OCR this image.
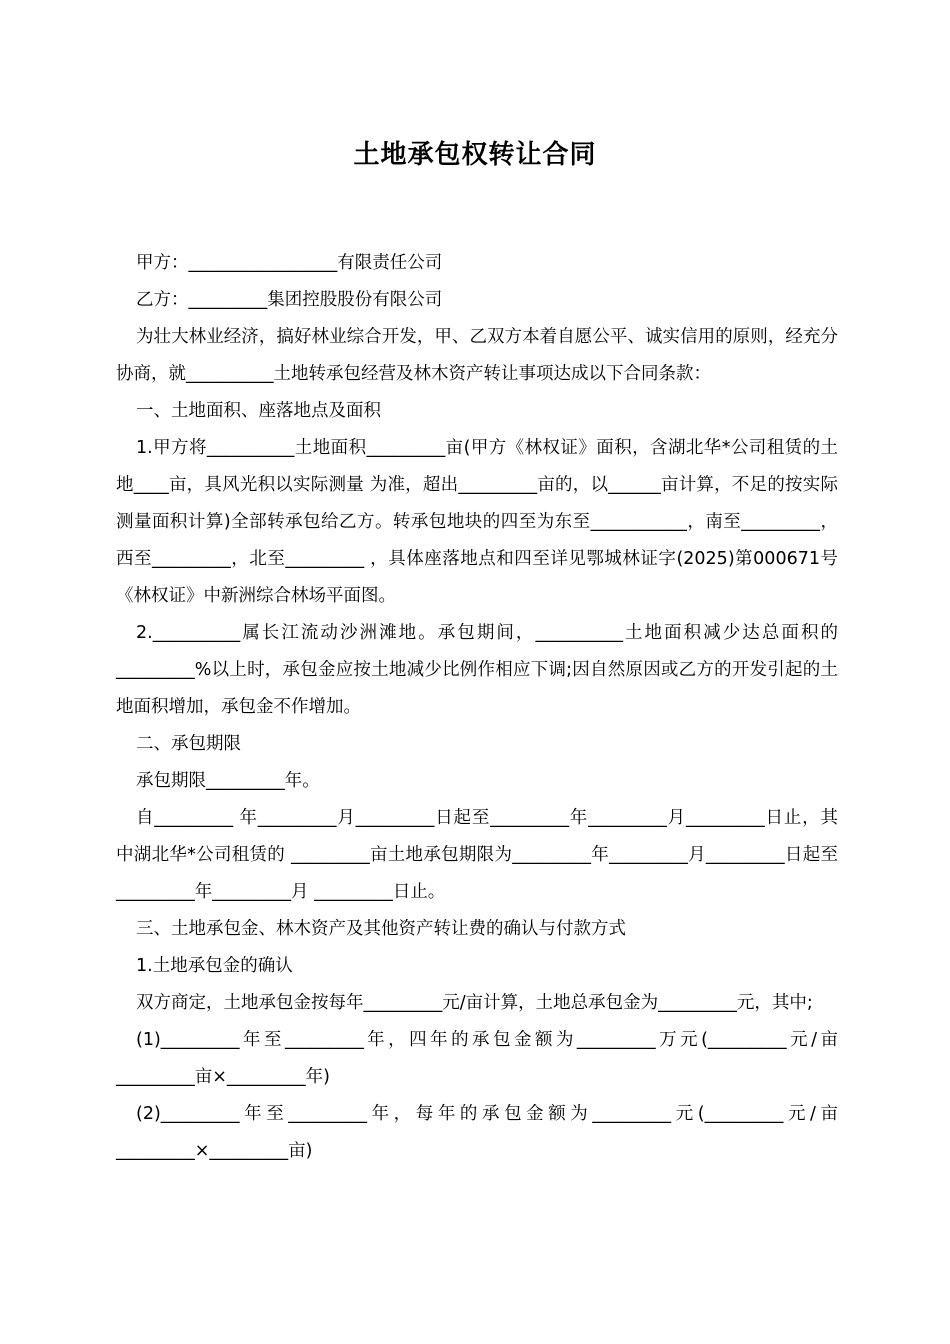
土地承包权转让合同

甲方：_________________有限责任公司

乙方：_________集团控股股份有限公司

为壮大林业经济，搞好林业综合开发，甲、乙双方本着自愿公平、诚实信用的原则，经充分协商，就__________土地转承包经营及林木资产转让事项达成以下合同条款：

一、土地面积、座落地点及面积

1.甲方将__________土地面积_________亩(甲方《林权证》面积，含湖北华*公司租赁的土地____亩，具风光积以实际测量 为准，超出_________亩的，以______亩计算，不足的按实际测量面积计算)全部转承包给乙方。转承包地块的四至为东至___________，南至_________，西至_________，北至_________ ，具体座落地点和四至详见鄂城林证字(2025)第000671号《林权证》中新洲综合林场平面图。

2.__________属长江流动沙洲滩地。承包期间，__________土地面积减少达总面积的_________%以上时，承包金应按土地减少比例作相应下调;因自然原因或乙方的开发引起的土地面积增加，承包金不作增加。

二、承包期限

承包期限_________年。

自_________ 年_________月_________日起至_________年_________月_________日止，其中湖北华*公司租赁的 _________亩土地承包期限为_________年_________月_________日起至_________年_________月 _________日止。

三、土地承包金、林木资产及其他资产转让费的确认与付款方式

1.土地承包金的确认

双方商定，土地承包金按每年_________元/亩计算，土地总承包金为_________元，其中;

(1)_________年至_________年，四年的承包金额为_________万元(_________元/亩_________亩×_________年)

(2)_________年至_________年，每年的承包金额为_________元(_________元/亩_________×_________亩)
